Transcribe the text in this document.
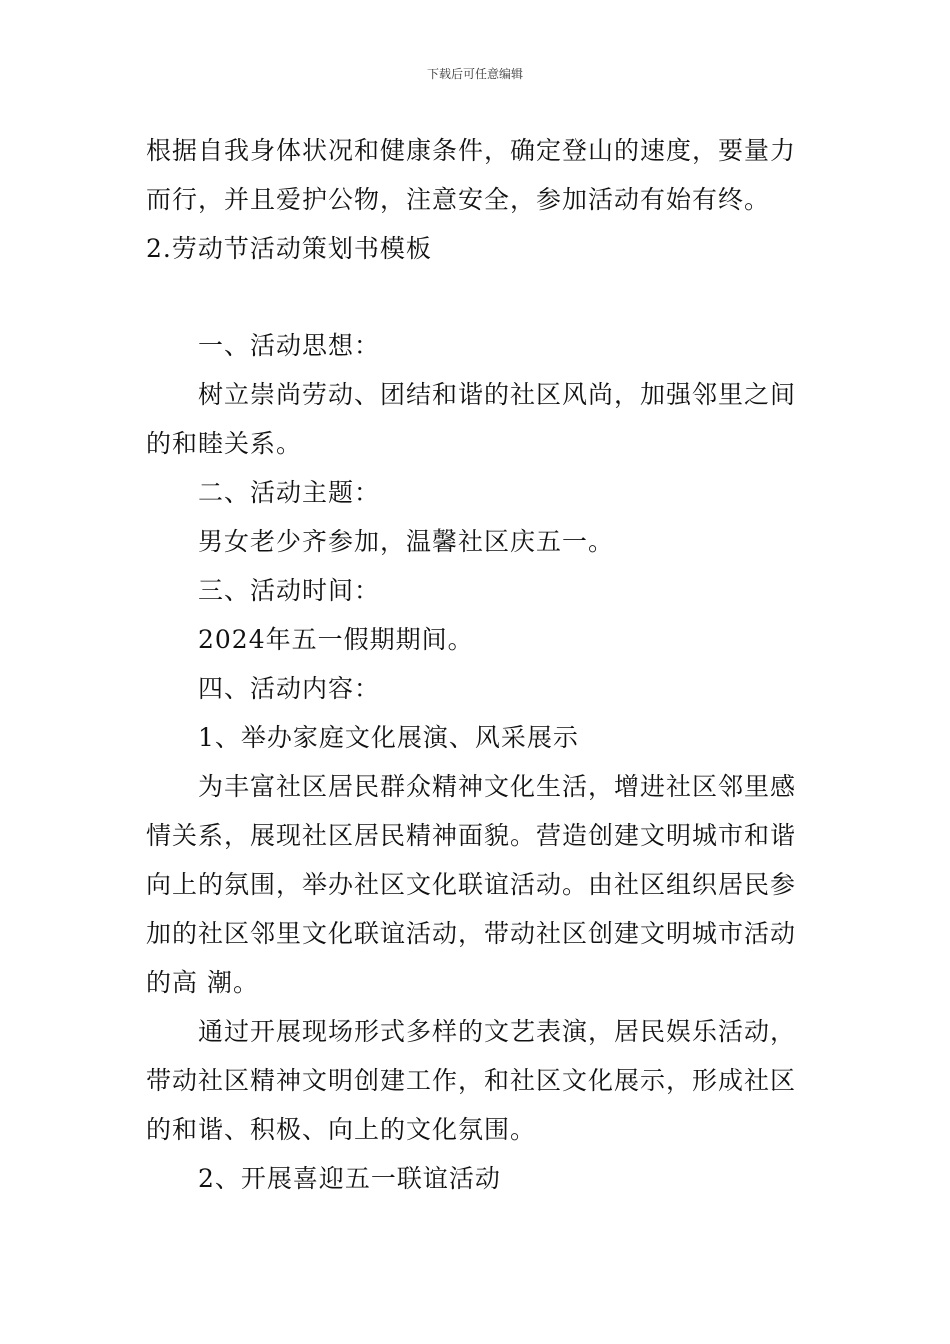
下载后可任意编辑

根据自我身体状况和健康条件，确定登山的速度，要量力

而行，并且爱护公物，注意安全，参加活动有始有终。

2.劳动节活动策划书模板

一、活动思想：

树立崇尚劳动、团结和谐的社区风尚，加强邻里之间

的和睦关系。

二、活动主题：

男女老少齐参加，温馨社区庆五一。

三、活动时间：

2024年五一假期期间。

四、活动内容：

1、举办家庭文化展演、风采展示

为丰富社区居民群众精神文化生活，增进社区邻里感

情关系，展现社区居民精神面貌。营造创建文明城市和谐

向上的氛围，举办社区文化联谊活动。由社区组织居民参

加的社区邻里文化联谊活动，带动社区创建文明城市活动

的高 潮。

通过开展现场形式多样的文艺表演，居民娱乐活动，

带动社区精神文明创建工作，和社区文化展示，形成社区

的和谐、积极、向上的文化氛围。

2、开展喜迎五一联谊活动
